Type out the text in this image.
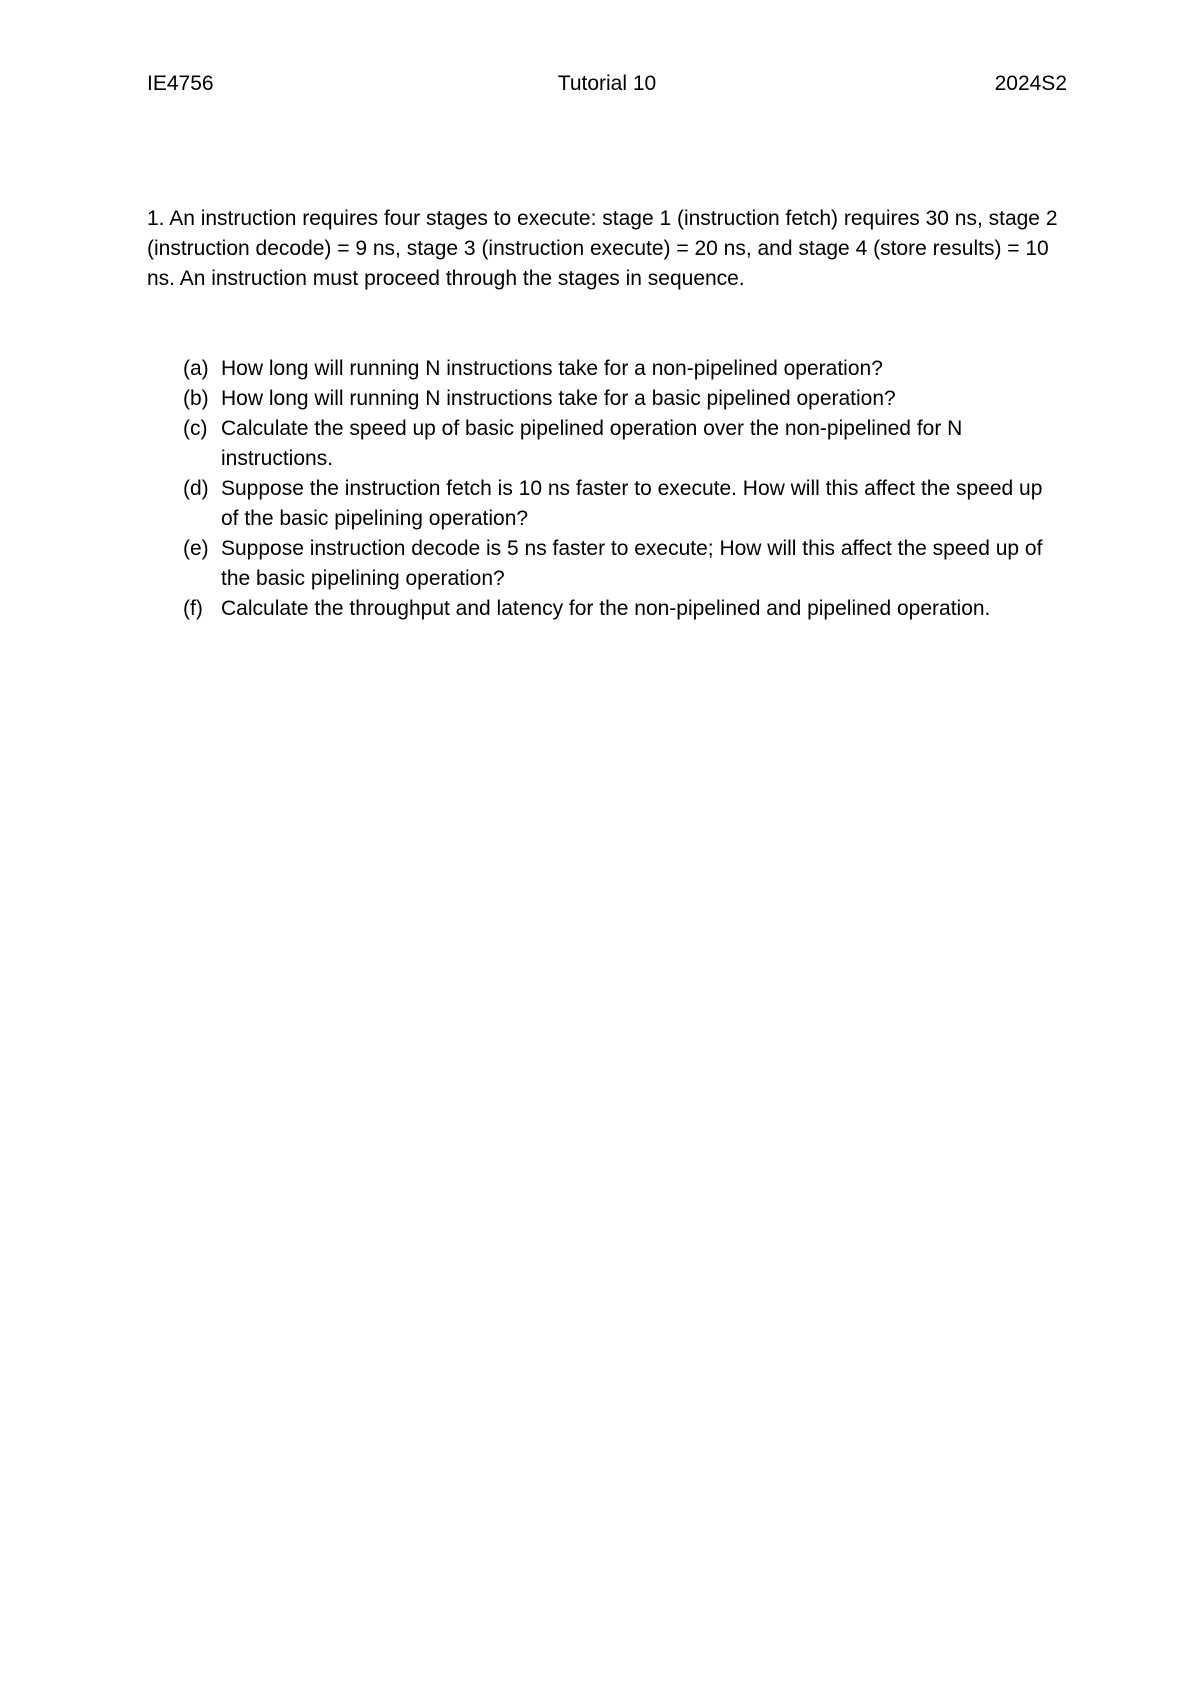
IE4756	Tutorial 10	2024S2
1. An instruction requires four stages to execute: stage 1 (instruction fetch) requires 30 ns, stage 2 (instruction decode) = 9 ns, stage 3 (instruction execute) = 20 ns, and stage 4 (store results) = 10 ns. An instruction must proceed through the stages in sequence.
(a) How long will running N instructions take for a non-pipelined operation?
(b) How long will running N instructions take for a basic pipelined operation?
(c) Calculate the speed up of basic pipelined operation over the non-pipelined for N instructions.
(d) Suppose the instruction fetch is 10 ns faster to execute. How will this affect the speed up of the basic pipelining operation?
(e) Suppose instruction decode is 5 ns faster to execute; How will this affect the speed up of the basic pipelining operation?
(f) Calculate the throughput and latency for the non-pipelined and pipelined operation.
